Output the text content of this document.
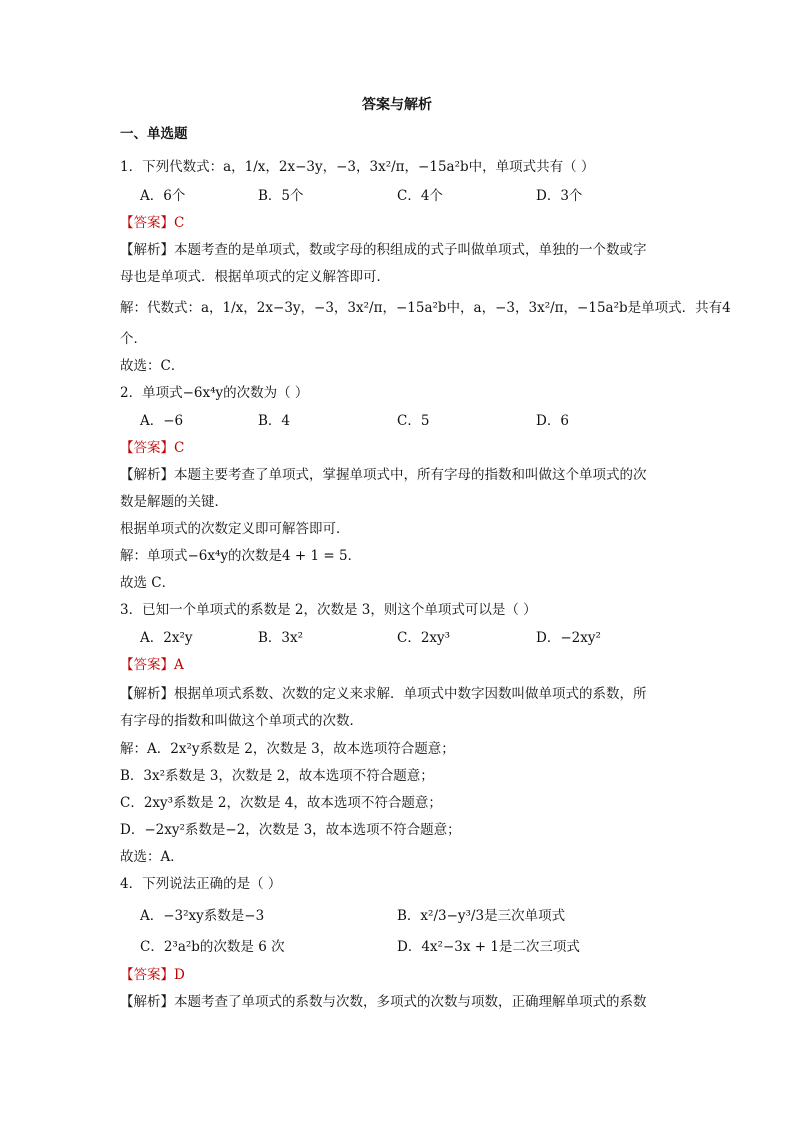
答案与解析
一、单选题
1．下列代数式：a，1/x，2x−3y，−3，3x²/π，−15a²b中，单项式共有（ ）
A．6个	B．5个	C．4个	D．3个
【答案】C
【解析】本题考查的是单项式，数或字母的积组成的式子叫做单项式，单独的一个数或字
母也是单项式．根据单项式的定义解答即可．
解：代数式：a，1/x，2x−3y，−3，3x²/π，−15a²b中，a，−3，3x²/π，−15a²b是单项式．共有4
个．
故选：C．
2．单项式−6x⁴y的次数为（ ）
A．−6	B．4	C．5	D．6
【答案】C
【解析】本题主要考查了单项式，掌握单项式中，所有字母的指数和叫做这个单项式的次
数是解题的关键．
根据单项式的次数定义即可解答即可．
解：单项式−6x⁴y的次数是4 + 1 = 5．
故选 C．
3．已知一个单项式的系数是 2，次数是 3，则这个单项式可以是（ ）
A．2x²y	B．3x²	C．2xy³	D．−2xy²
【答案】A
【解析】根据单项式系数、次数的定义来求解．单项式中数字因数叫做单项式的系数，所
有字母的指数和叫做这个单项式的次数．
解：A．2x²y系数是 2，次数是 3，故本选项符合题意；
B．3x²系数是 3，次数是 2，故本选项不符合题意；
C．2xy³系数是 2，次数是 4，故本选项不符合题意；
D．−2xy²系数是−2，次数是 3，故本选项不符合题意；
故选：A．
4．下列说法正确的是（ ）
A．−3²xy系数是−3	B．x²/3−y³/3是三次单项式
C．2³a²b的次数是 6 次	D．4x²−3x + 1是二次三项式
【答案】D
【解析】本题考查了单项式的系数与次数，多项式的次数与项数，正确理解单项式的系数
